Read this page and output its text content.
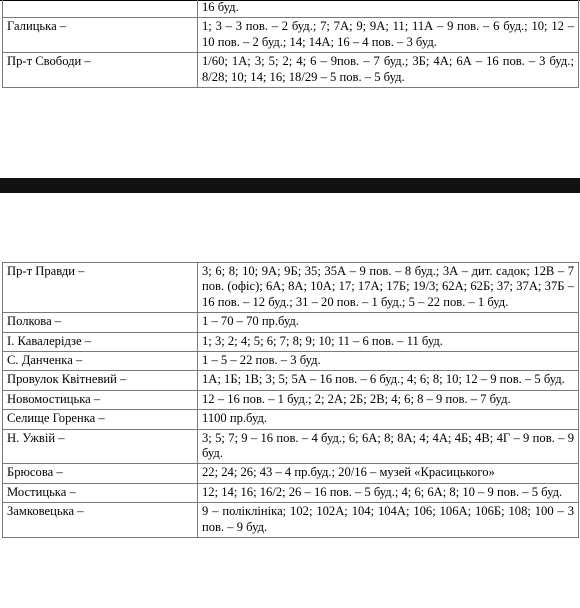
	16 буд.
Галицька –	1; 3 – 3 пов. – 2 буд.; 7; 7А; 9; 9А; 11; 11А – 9 пов. – 6 буд.; 10; 12 – 10 пов. – 2 буд.; 14; 14А; 16 – 4 пов. – 3 буд.
Пр-т Свободи –	1/60; 1А; 3; 5; 2; 4; 6 – 9пов. – 7 буд.; 3Б; 4А; 6А – 16 пов. – 3 буд.; 8/28; 10; 14; 16; 18/29 – 5 пов. – 5 буд.
Пр-т Правди –	3; 6; 8; 10; 9А; 9Б; 35; 35А – 9 пов. – 8 буд.; 3А – дит. садок; 12В – 7 пов. (офіс); 6А; 8А; 10А; 17; 17А; 17Б; 19/3; 62А; 62Б; 37; 37А; 37Б – 16 пов. – 12 буд.; 31 – 20 пов. – 1 буд.; 5 – 22 пов. – 1 буд.
Полкова –	1 – 70 – 70 пр.буд.
І. Кавалерідзе –	1; 3; 2; 4; 5; 6; 7; 8; 9; 10; 11 – 6 пов. – 11 буд.
С. Данченка –	1 – 5 – 22 пов. – 3 буд.
Провулок Квітневий –	1А; 1Б; 1В; 3; 5; 5А – 16 пов. – 6 буд.; 4; 6; 8; 10; 12 – 9 пов. – 5 буд.
Новомостицька –	12 – 16 пов. – 1 буд.; 2; 2А; 2Б; 2В; 4; 6; 8 – 9 пов. – 7 буд.
Селище Горенка –	1100 пр.буд.
Н. Ужвій –	3; 5; 7; 9 – 16 пов. – 4 буд.; 6; 6А; 8; 8А; 4; 4А; 4Б; 4В; 4Г – 9 пов. – 9 буд.
Брюсова –	22; 24; 26; 43 – 4 пр.буд.; 20/16 – музей «Красицького»
Мостицька –	12; 14; 16; 16/2; 26 – 16 пов. – 5 буд.; 4; 6; 6А; 8; 10 – 9 пов. – 5 буд.
Замковецька –	9 – поліклініка; 102; 102А; 104; 104А; 106; 106А; 106Б; 108; 100 – 3 пов. – 9 буд.
